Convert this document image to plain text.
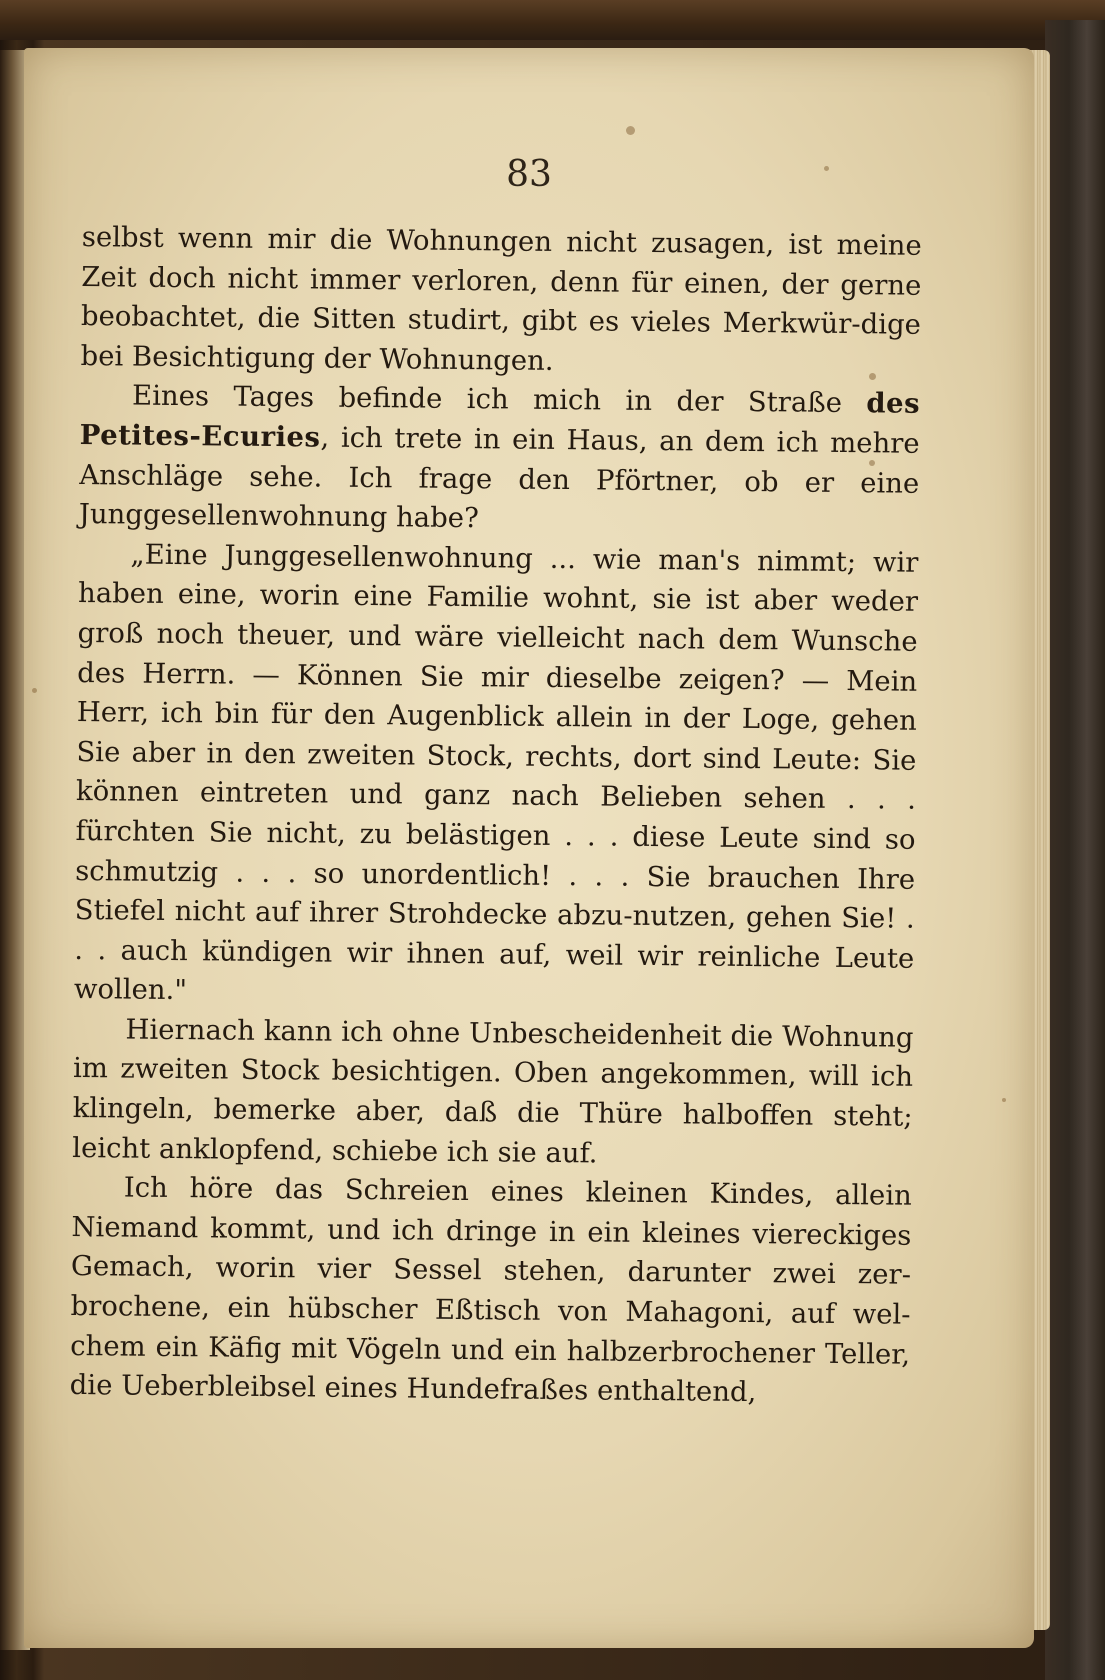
83

selbst wenn mir die Wohnungen nicht zusagen, ist meine Zeit doch nicht immer verloren, denn für einen, der gerne beobachtet, die Sitten studirt, gibt es vieles Merkwür-dige bei Besichtigung der Wohnungen.

Eines Tages befinde ich mich in der Straße des Petites-Ecuries, ich trete in ein Haus, an dem ich mehre Anschläge sehe. Ich frage den Pförtner, ob er eine Junggesellenwohnung habe?

„Eine Junggesellenwohnung ... wie man's nimmt; wir haben eine, worin eine Familie wohnt, sie ist aber weder groß noch theuer, und wäre vielleicht nach dem Wunsche des Herrn. — Können Sie mir dieselbe zeigen? — Mein Herr, ich bin für den Augenblick allein in der Loge, gehen Sie aber in den zweiten Stock, rechts, dort sind Leute: Sie können eintreten und ganz nach Belieben sehen . . . fürchten Sie nicht, zu belästigen . . . diese Leute sind so schmutzig . . . so unordentlich! . . . Sie brauchen Ihre Stiefel nicht auf ihrer Strohdecke abzu-nutzen, gehen Sie! . . . auch kündigen wir ihnen auf, weil wir reinliche Leute wollen."

Hiernach kann ich ohne Unbescheidenheit die Wohnung im zweiten Stock besichtigen. Oben angekommen, will ich klingeln, bemerke aber, daß die Thüre halboffen steht; leicht anklopfend, schiebe ich sie auf.

Ich höre das Schreien eines kleinen Kindes, allein Niemand kommt, und ich dringe in ein kleines viereckiges Gemach, worin vier Sessel stehen, darunter zwei zer-brochene, ein hübscher Eßtisch von Mahagoni, auf wel-chem ein Käfig mit Vögeln und ein halbzerbrochener Teller, die Ueberbleibsel eines Hundefraßes enthaltend,
